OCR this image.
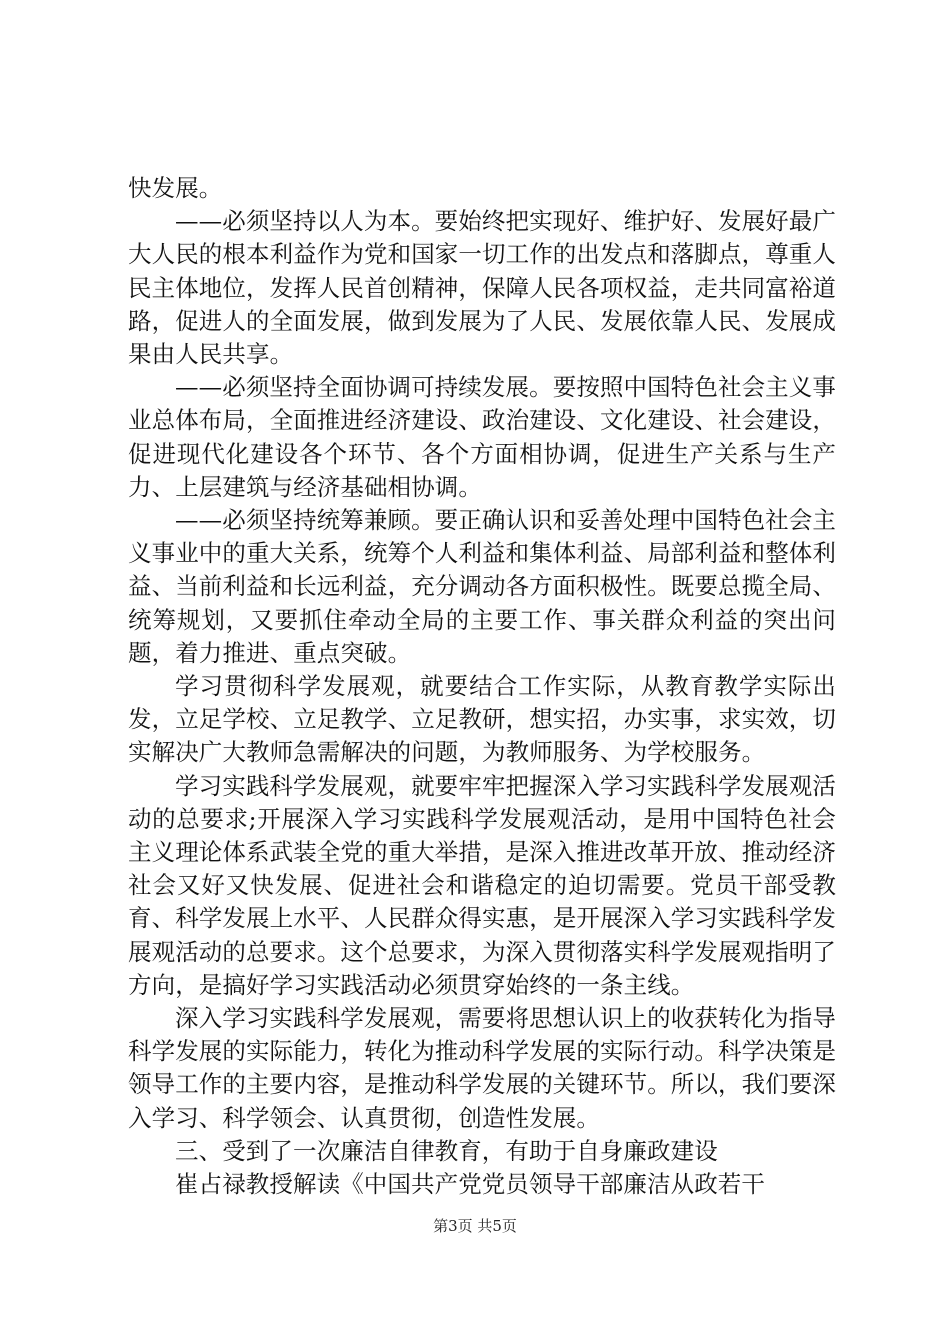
快发展。

——必须坚持以人为本。要始终把实现好、维护好、发展好最广大人民的根本利益作为党和国家一切工作的出发点和落脚点，尊重人民主体地位，发挥人民首创精神，保障人民各项权益，走共同富裕道路，促进人的全面发展，做到发展为了人民、发展依靠人民、发展成果由人民共享。

——必须坚持全面协调可持续发展。要按照中国特色社会主义事业总体布局，全面推进经济建设、政治建设、文化建设、社会建设，促进现代化建设各个环节、各个方面相协调，促进生产关系与生产力、上层建筑与经济基础相协调。

——必须坚持统筹兼顾。要正确认识和妥善处理中国特色社会主义事业中的重大关系，统筹个人利益和集体利益、局部利益和整体利益、当前利益和长远利益，充分调动各方面积极性。既要总揽全局、统筹规划，又要抓住牵动全局的主要工作、事关群众利益的突出问题，着力推进、重点突破。

学习贯彻科学发展观，就要结合工作实际，从教育教学实际出发，立足学校、立足教学、立足教研，想实招，办实事，求实效，切实解决广大教师急需解决的问题，为教师服务、为学校服务。

学习实践科学发展观，就要牢牢把握深入学习实践科学发展观活动的总要求;开展深入学习实践科学发展观活动，是用中国特色社会主义理论体系武装全党的重大举措，是深入推进改革开放、推动经济社会又好又快发展、促进社会和谐稳定的迫切需要。党员干部受教育、科学发展上水平、人民群众得实惠，是开展深入学习实践科学发展观活动的总要求。这个总要求，为深入贯彻落实科学发展观指明了方向，是搞好学习实践活动必须贯穿始终的一条主线。

深入学习实践科学发展观，需要将思想认识上的收获转化为指导科学发展的实际能力，转化为推动科学发展的实际行动。科学决策是领导工作的主要内容，是推动科学发展的关键环节。所以，我们要深入学习、科学领会、认真贯彻，创造性发展。

三、受到了一次廉洁自律教育，有助于自身廉政建设

崔占禄教授解读《中国共产党党员领导干部廉洁从政若干

第3页 共5页
